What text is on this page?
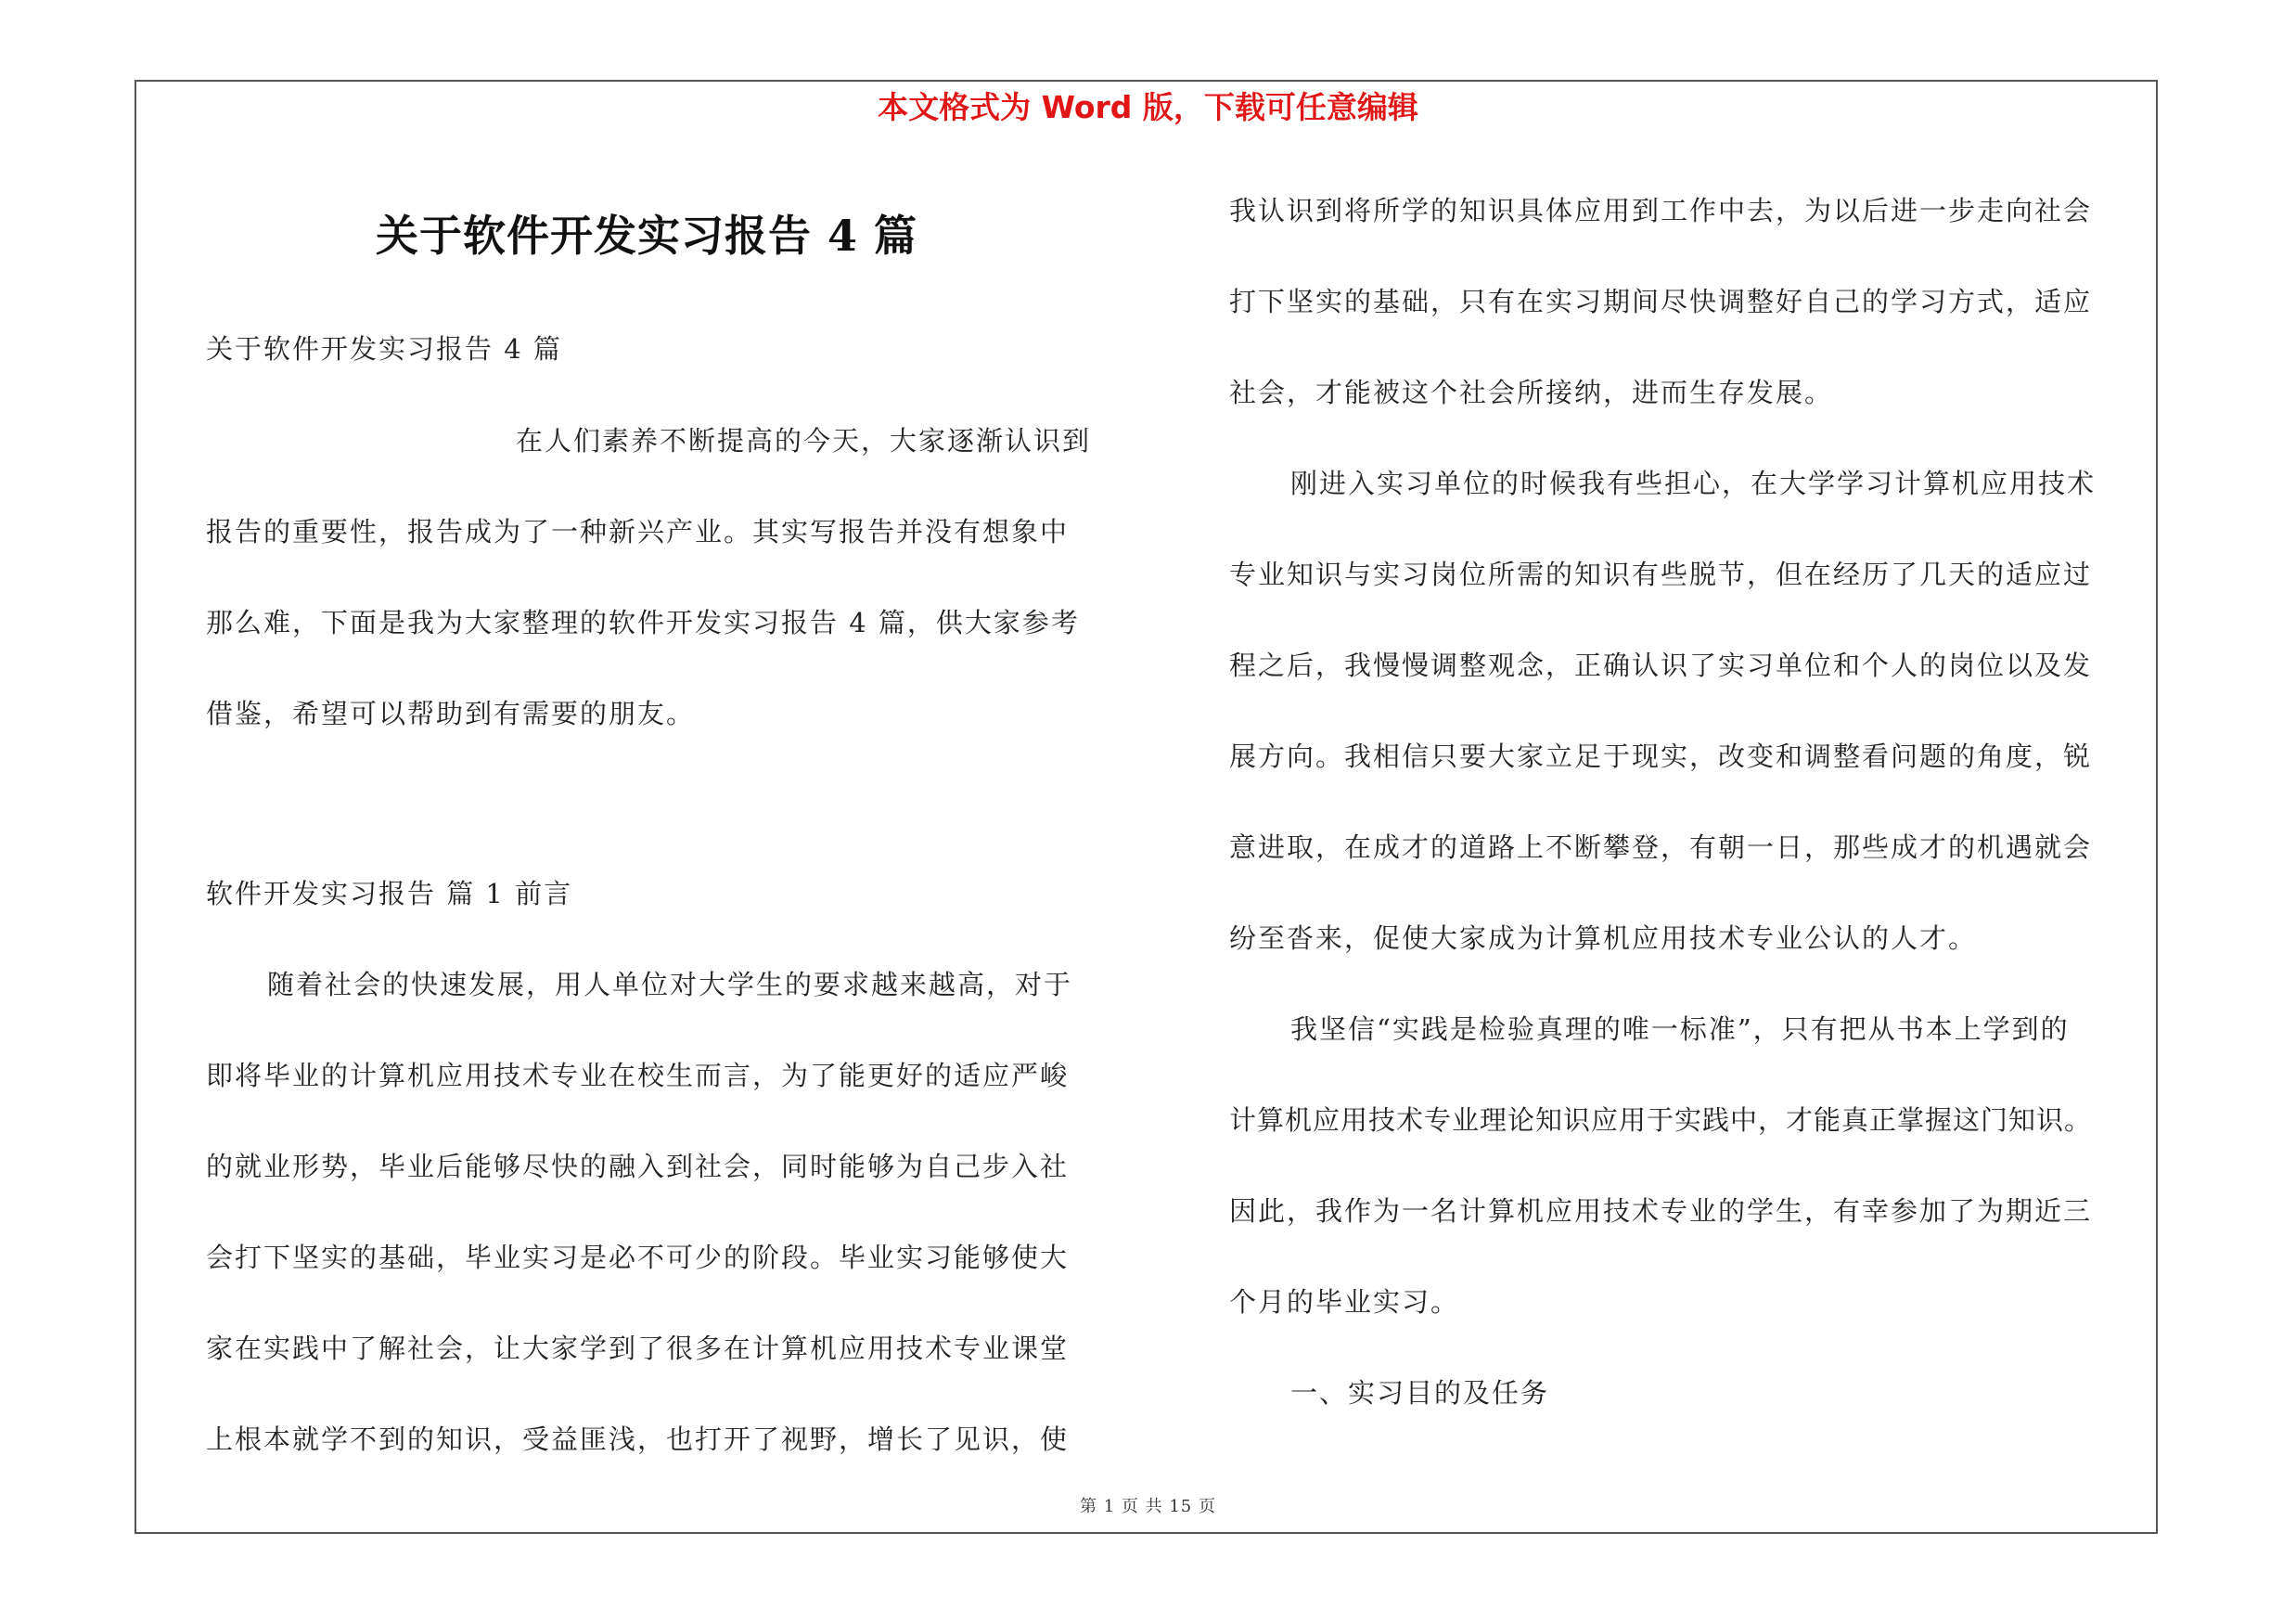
本文格式为 Word 版，下载可任意编辑
关于软件开发实习报告 4 篇
关于软件开发实习报告 4 篇
在人们素养不断提高的今天，大家逐渐认识到
报告的重要性，报告成为了一种新兴产业。其实写报告并没有想象中
那么难，下面是我为大家整理的软件开发实习报告 4 篇，供大家参考
借鉴，希望可以帮助到有需要的朋友。
软件开发实习报告 篇 1 前言
随着社会的快速发展，用人单位对大学生的要求越来越高，对于
即将毕业的计算机应用技术专业在校生而言，为了能更好的适应严峻
的就业形势，毕业后能够尽快的融入到社会，同时能够为自己步入社
会打下坚实的基础，毕业实习是必不可少的阶段。毕业实习能够使大
家在实践中了解社会，让大家学到了很多在计算机应用技术专业课堂
上根本就学不到的知识，受益匪浅，也打开了视野，增长了见识，使
我认识到将所学的知识具体应用到工作中去，为以后进一步走向社会
打下坚实的基础，只有在实习期间尽快调整好自己的学习方式，适应
社会，才能被这个社会所接纳，进而生存发展。
刚进入实习单位的时候我有些担心，在大学学习计算机应用技术
专业知识与实习岗位所需的知识有些脱节，但在经历了几天的适应过
程之后，我慢慢调整观念，正确认识了实习单位和个人的岗位以及发
展方向。我相信只要大家立足于现实，改变和调整看问题的角度，锐
意进取，在成才的道路上不断攀登，有朝一日，那些成才的机遇就会
纷至沓来，促使大家成为计算机应用技术专业公认的人才。
我坚信“实践是检验真理的唯一标准”，只有把从书本上学到的
计算机应用技术专业理论知识应用于实践中，才能真正掌握这门知识。
因此，我作为一名计算机应用技术专业的学生，有幸参加了为期近三
个月的毕业实习。
一、实习目的及任务
第 1 页 共 15 页
